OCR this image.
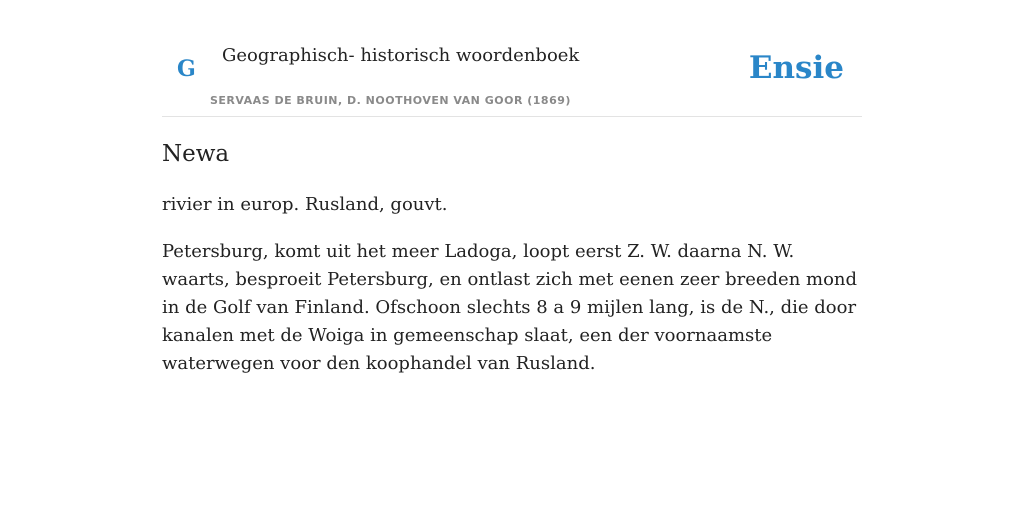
G
Geographisch- historisch woordenboek
SERVAAS DE BRUIN, D. NOOTHOVEN VAN GOOR (1869)
Ensie
Newa

rivier in europ. Rusland, gouvt.

Petersburg, komt uit het meer Ladoga, loopt eerst Z. W. daarna N. W. waarts, besproeit Petersburg, en ontlast zich met eenen zeer breeden mond in de Golf van Finland. Ofschoon slechts 8 a 9 mijlen lang, is de N., die door kanalen met de Woiga in gemeenschap slaat, een der voornaamste waterwegen voor den koophandel van Rusland.
